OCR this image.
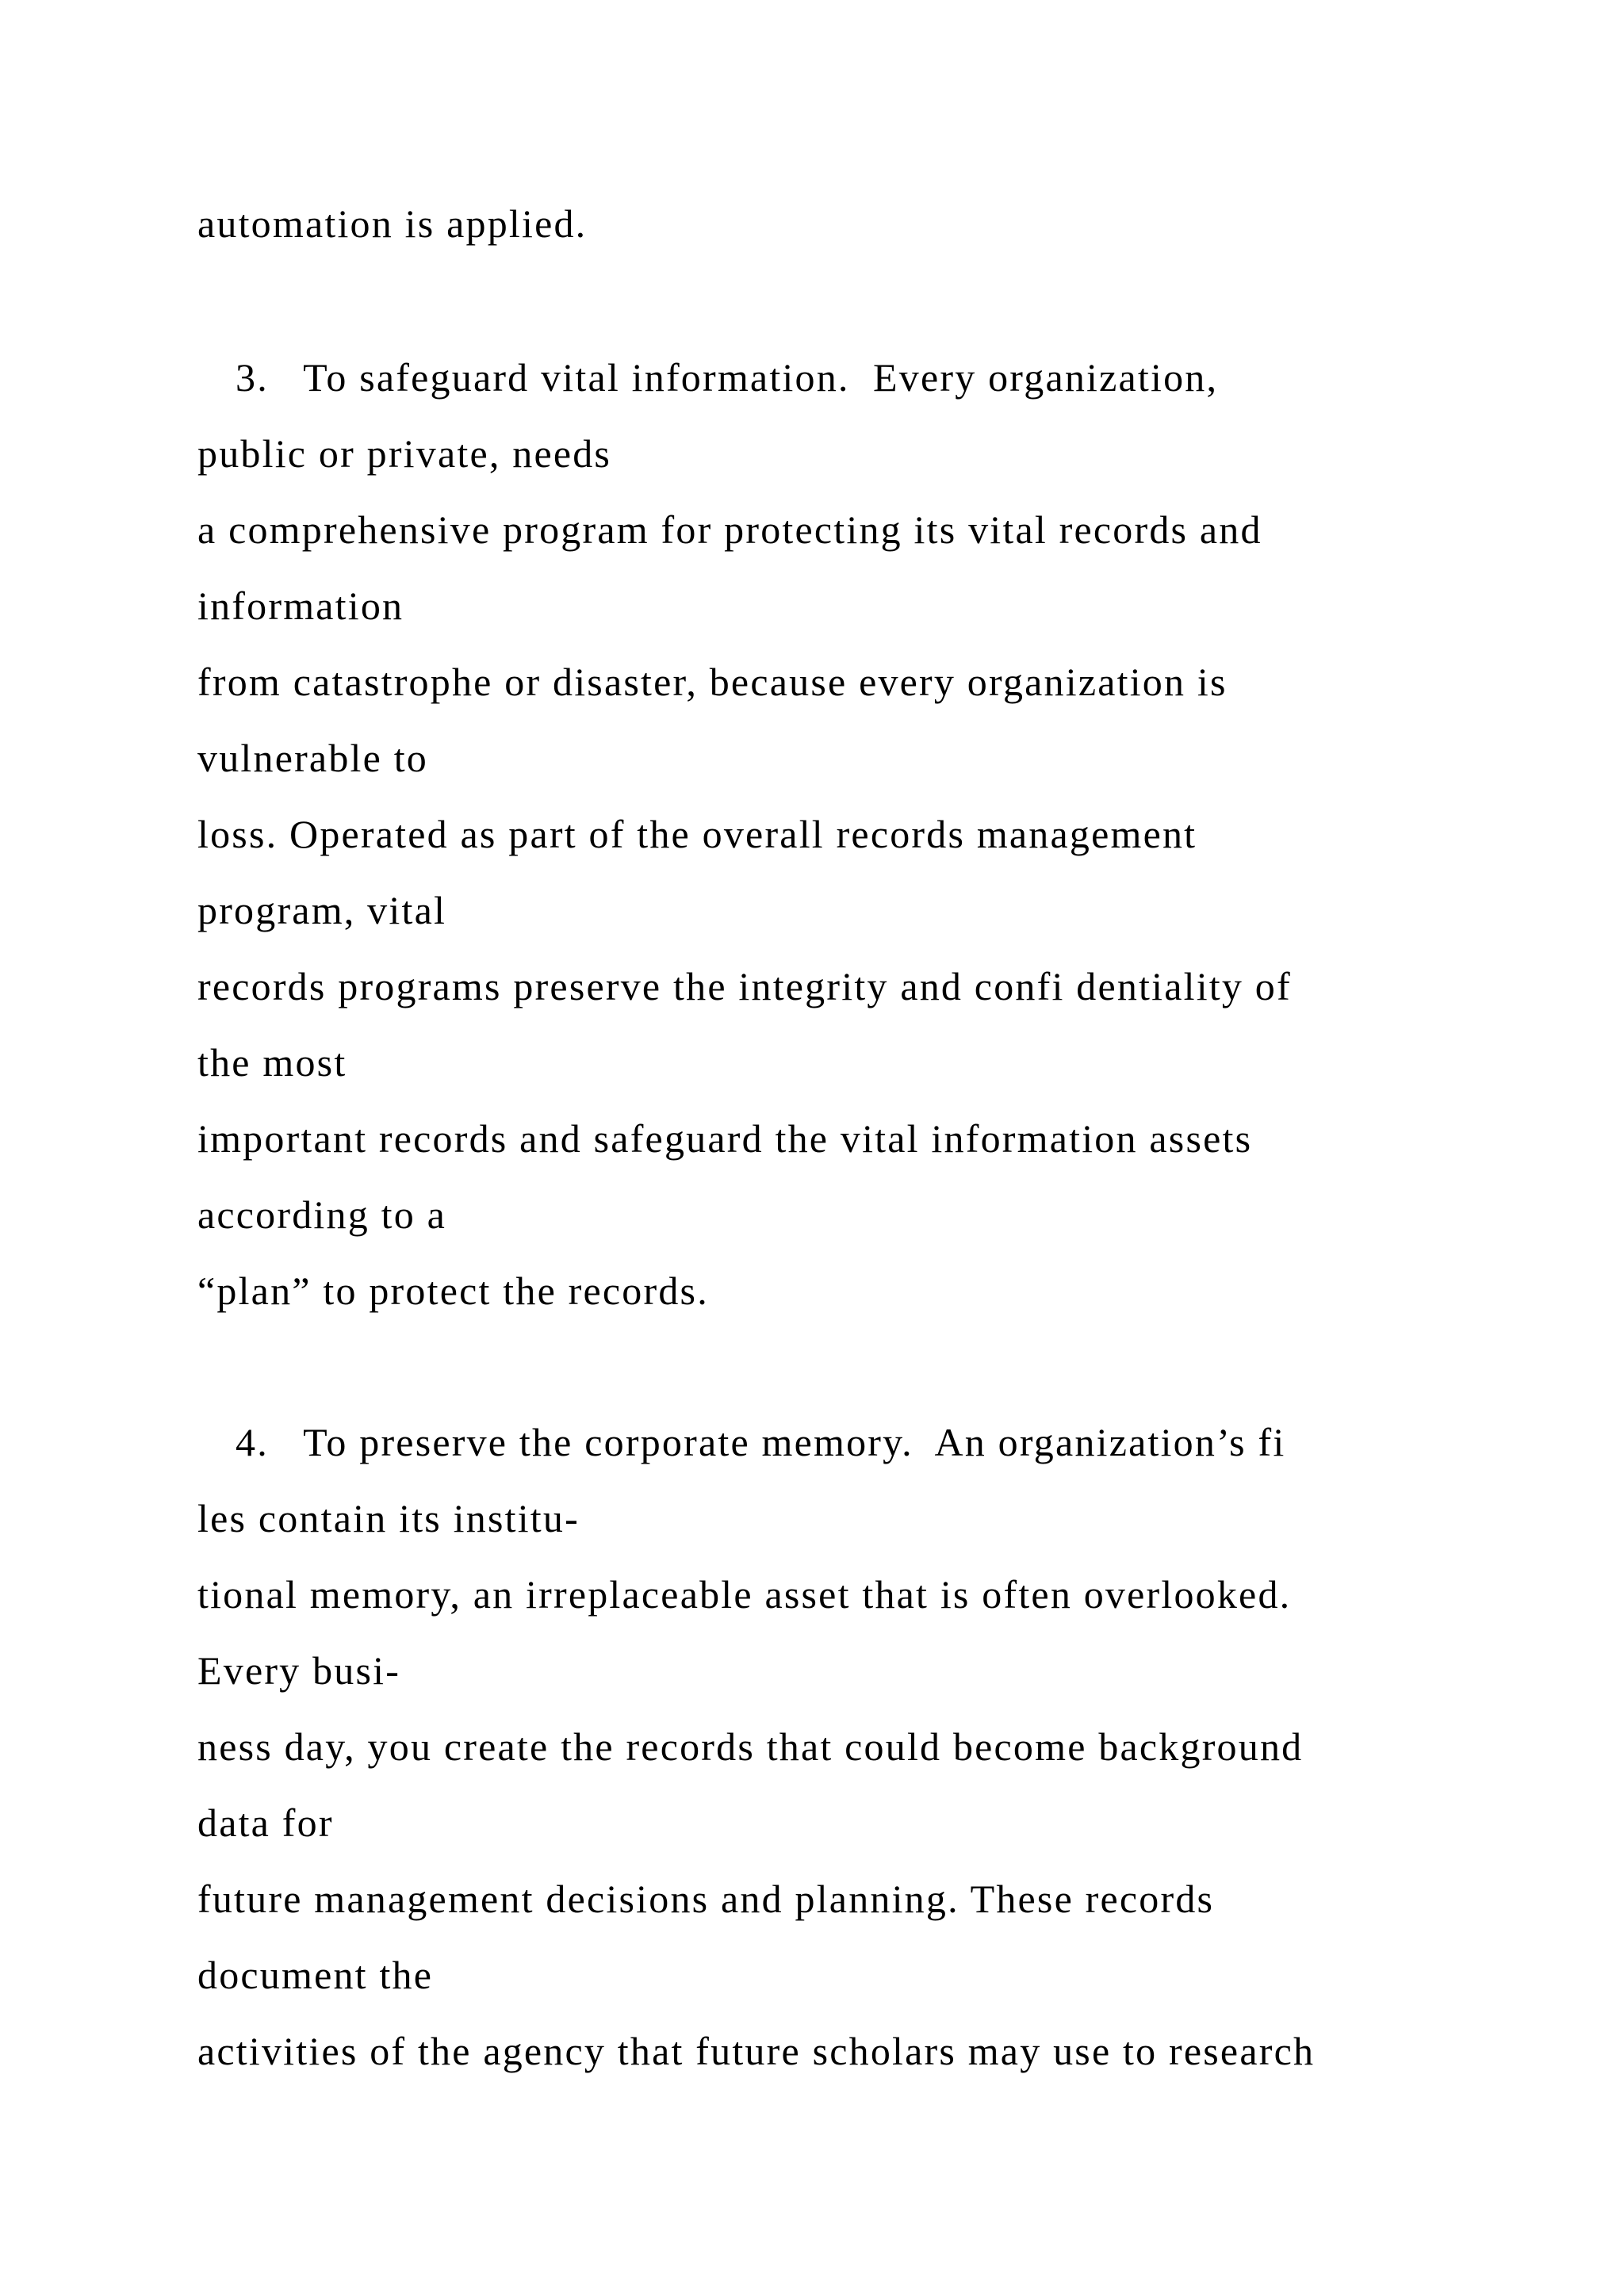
automation is applied.

3.   To safeguard vital information.  Every organization,

public or private, needs

a comprehensive program for protecting its vital records and

information

from catastrophe or disaster, because every organization is

vulnerable to

loss. Operated as part of the overall records management

program, vital

records programs preserve the integrity and confi dentiality of

the most

important records and safeguard the vital information assets

according to a

“plan” to protect the records.

4.   To preserve the corporate memory.  An organization’s fi

les contain its institu-

tional memory, an irreplaceable asset that is often overlooked.

Every busi-

ness day, you create the records that could become background

data for

future management decisions and planning. These records

document the

activities of the agency that future scholars may use to research
